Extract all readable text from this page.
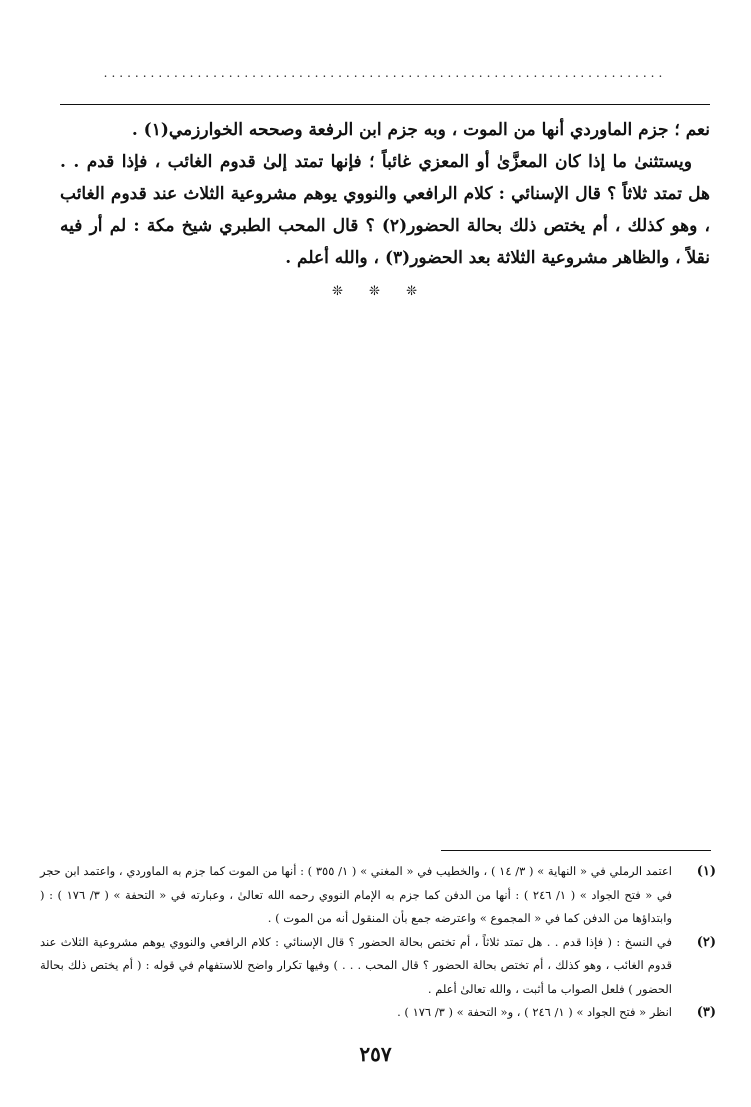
........................................................................

نعم ؛ جزم الماوردي أنها من الموت ، وبه جزم ابن الرفعة وصححه الخوارزمي(١) .

ويستثنىٰ ما إذا كان المعزَّىٰ أو المعزي غائباً ؛ فإنها تمتد إلىٰ قدوم الغائب ، فإذا قدم . . هل تمتد ثلاثاً ؟ قال الإسنائي : كلام الرافعي والنووي يوهم مشروعية الثلاث عند قدوم الغائب ، وهو كذلك ، أم يختص ذلك بحالة الحضور(٢) ؟ قال المحب الطبري شيخ مكة : لم أر فيه نقلاً ، والظاهر مشروعية الثلاثة بعد الحضور(٣) ، والله أعلم .

❊ ❊ ❊
(١)
اعتمد الرملي في « النهاية » ( ٣/ ١٤ ) ، والخطيب في « المغني » ( ١/ ٣٥٥ ) : أنها من الموت كما جزم به الماوردي ، واعتمد ابن حجر في « فتح الجواد » ( ١/ ٢٤٦ ) : أنها من الدفن كما جزم به الإمام النووي رحمه الله تعالىٰ ، وعبارته في « التحفة » ( ٣/ ١٧٦ ) : ( وابتداؤها من الدفن كما في « المجموع » واعترضه جمع بأن المنقول أنه من الموت ) .
(٢)
في النسخ : ( فإذا قدم . . هل تمتد ثلاثاً ، أم تختص بحالة الحضور ؟ قال الإسنائي : كلام الرافعي والنووي يوهم مشروعية الثلاث عند قدوم الغائب ، وهو كذلك ، أم تختص بحالة الحضور ؟ قال المحب . . . ) وفيها تكرار واضح للاستفهام في قوله : ( أم يختص ذلك بحالة الحضور ) فلعل الصواب ما أثبت ، والله تعالىٰ أعلم .
(٣)
انظر « فتح الجواد » ( ١/ ٢٤٦ ) ، و« التحفة » ( ٣/ ١٧٦ ) .
٢٥٧
